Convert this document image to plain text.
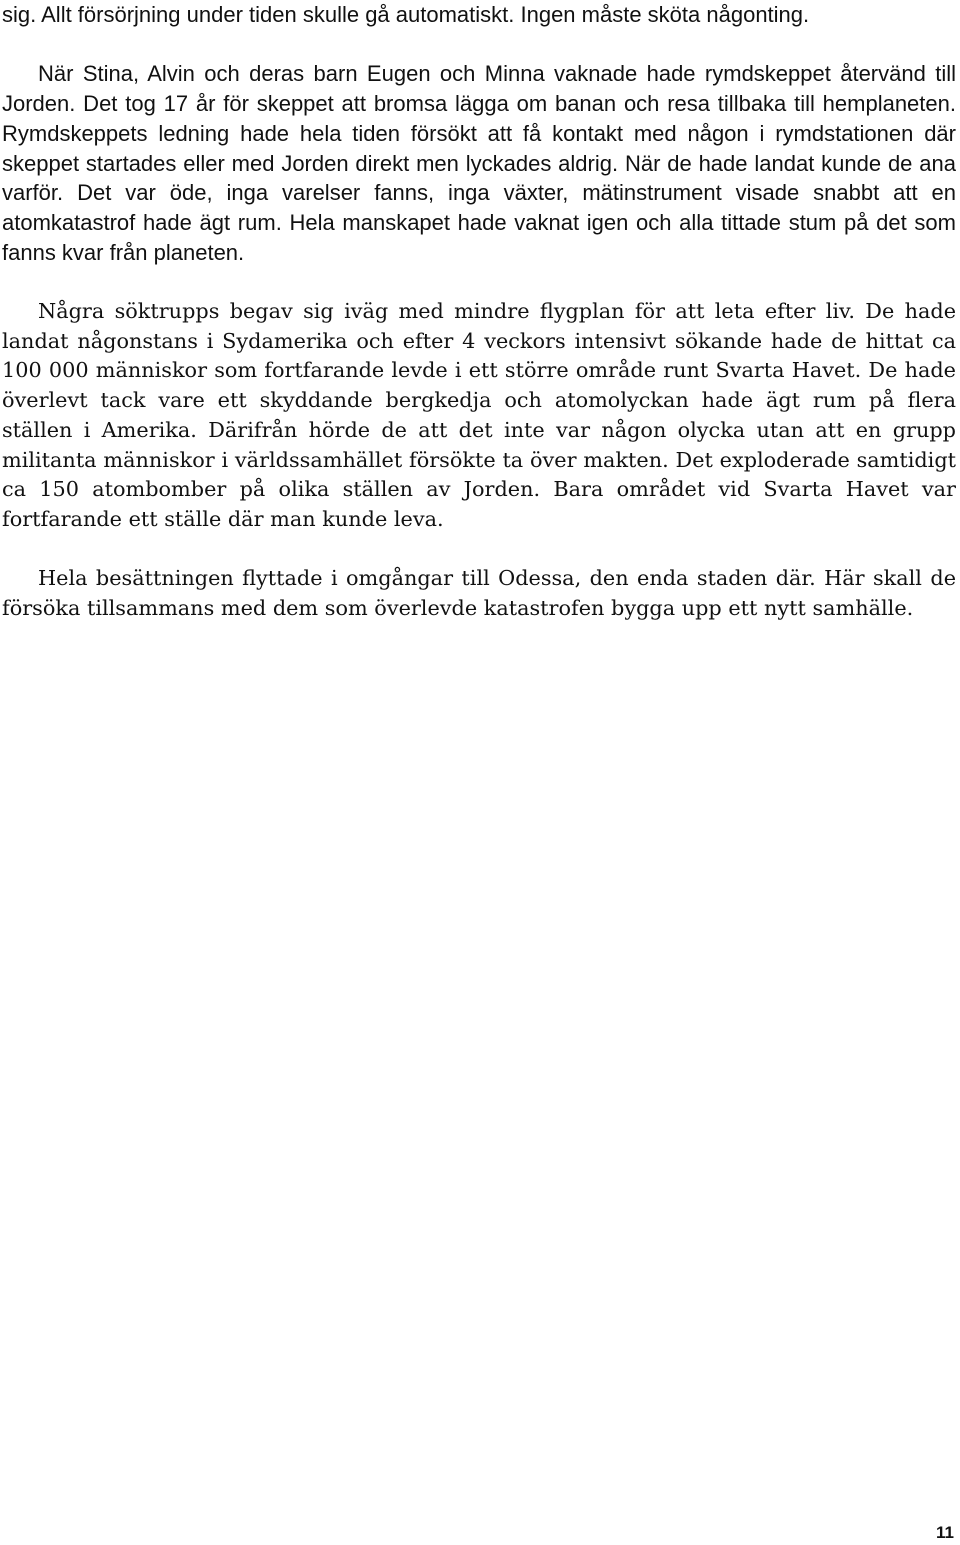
sig. Allt försörjning under tiden skulle gå automatiskt. Ingen måste sköta någonting.

När Stina, Alvin och deras barn Eugen och Minna vaknade hade rymdskeppet återvänd till Jorden. Det tog 17 år för skeppet att bromsa lägga om banan och resa tillbaka till hemplaneten. Rymdskeppets ledning hade hela tiden försökt att få kontakt med någon i rymdstationen där skeppet startades eller med Jorden direkt men lyckades aldrig. När de hade landat kunde de ana varför. Det var öde, inga varelser fanns, inga växter, mätinstrument visade snabbt att en atomkatastrof hade ägt rum. Hela manskapet hade vaknat igen och alla tittade stum på det som fanns kvar från planeten.

Några söktrupps begav sig iväg med mindre flygplan för att leta efter liv. De hade landat någonstans i Sydamerika och efter 4 veckors intensivt sökande hade de hittat ca 100 000 människor som fortfarande levde i ett större område runt Svarta Havet. De hade överlevt tack vare ett skyddande bergkedja och atomolyckan hade ägt rum på flera ställen i Amerika. Därifrån hörde de att det inte var någon olycka utan att en grupp militanta människor i världssamhället försökte ta över makten. Det exploderade samtidigt ca 150 atombomber på olika ställen av Jorden. Bara området vid Svarta Havet var fortfarande ett ställe där man kunde leva.

Hela besättningen flyttade i omgångar till Odessa, den enda staden där. Här skall de försöka tillsammans med dem som överlevde katastrofen bygga upp ett nytt samhälle.

11
